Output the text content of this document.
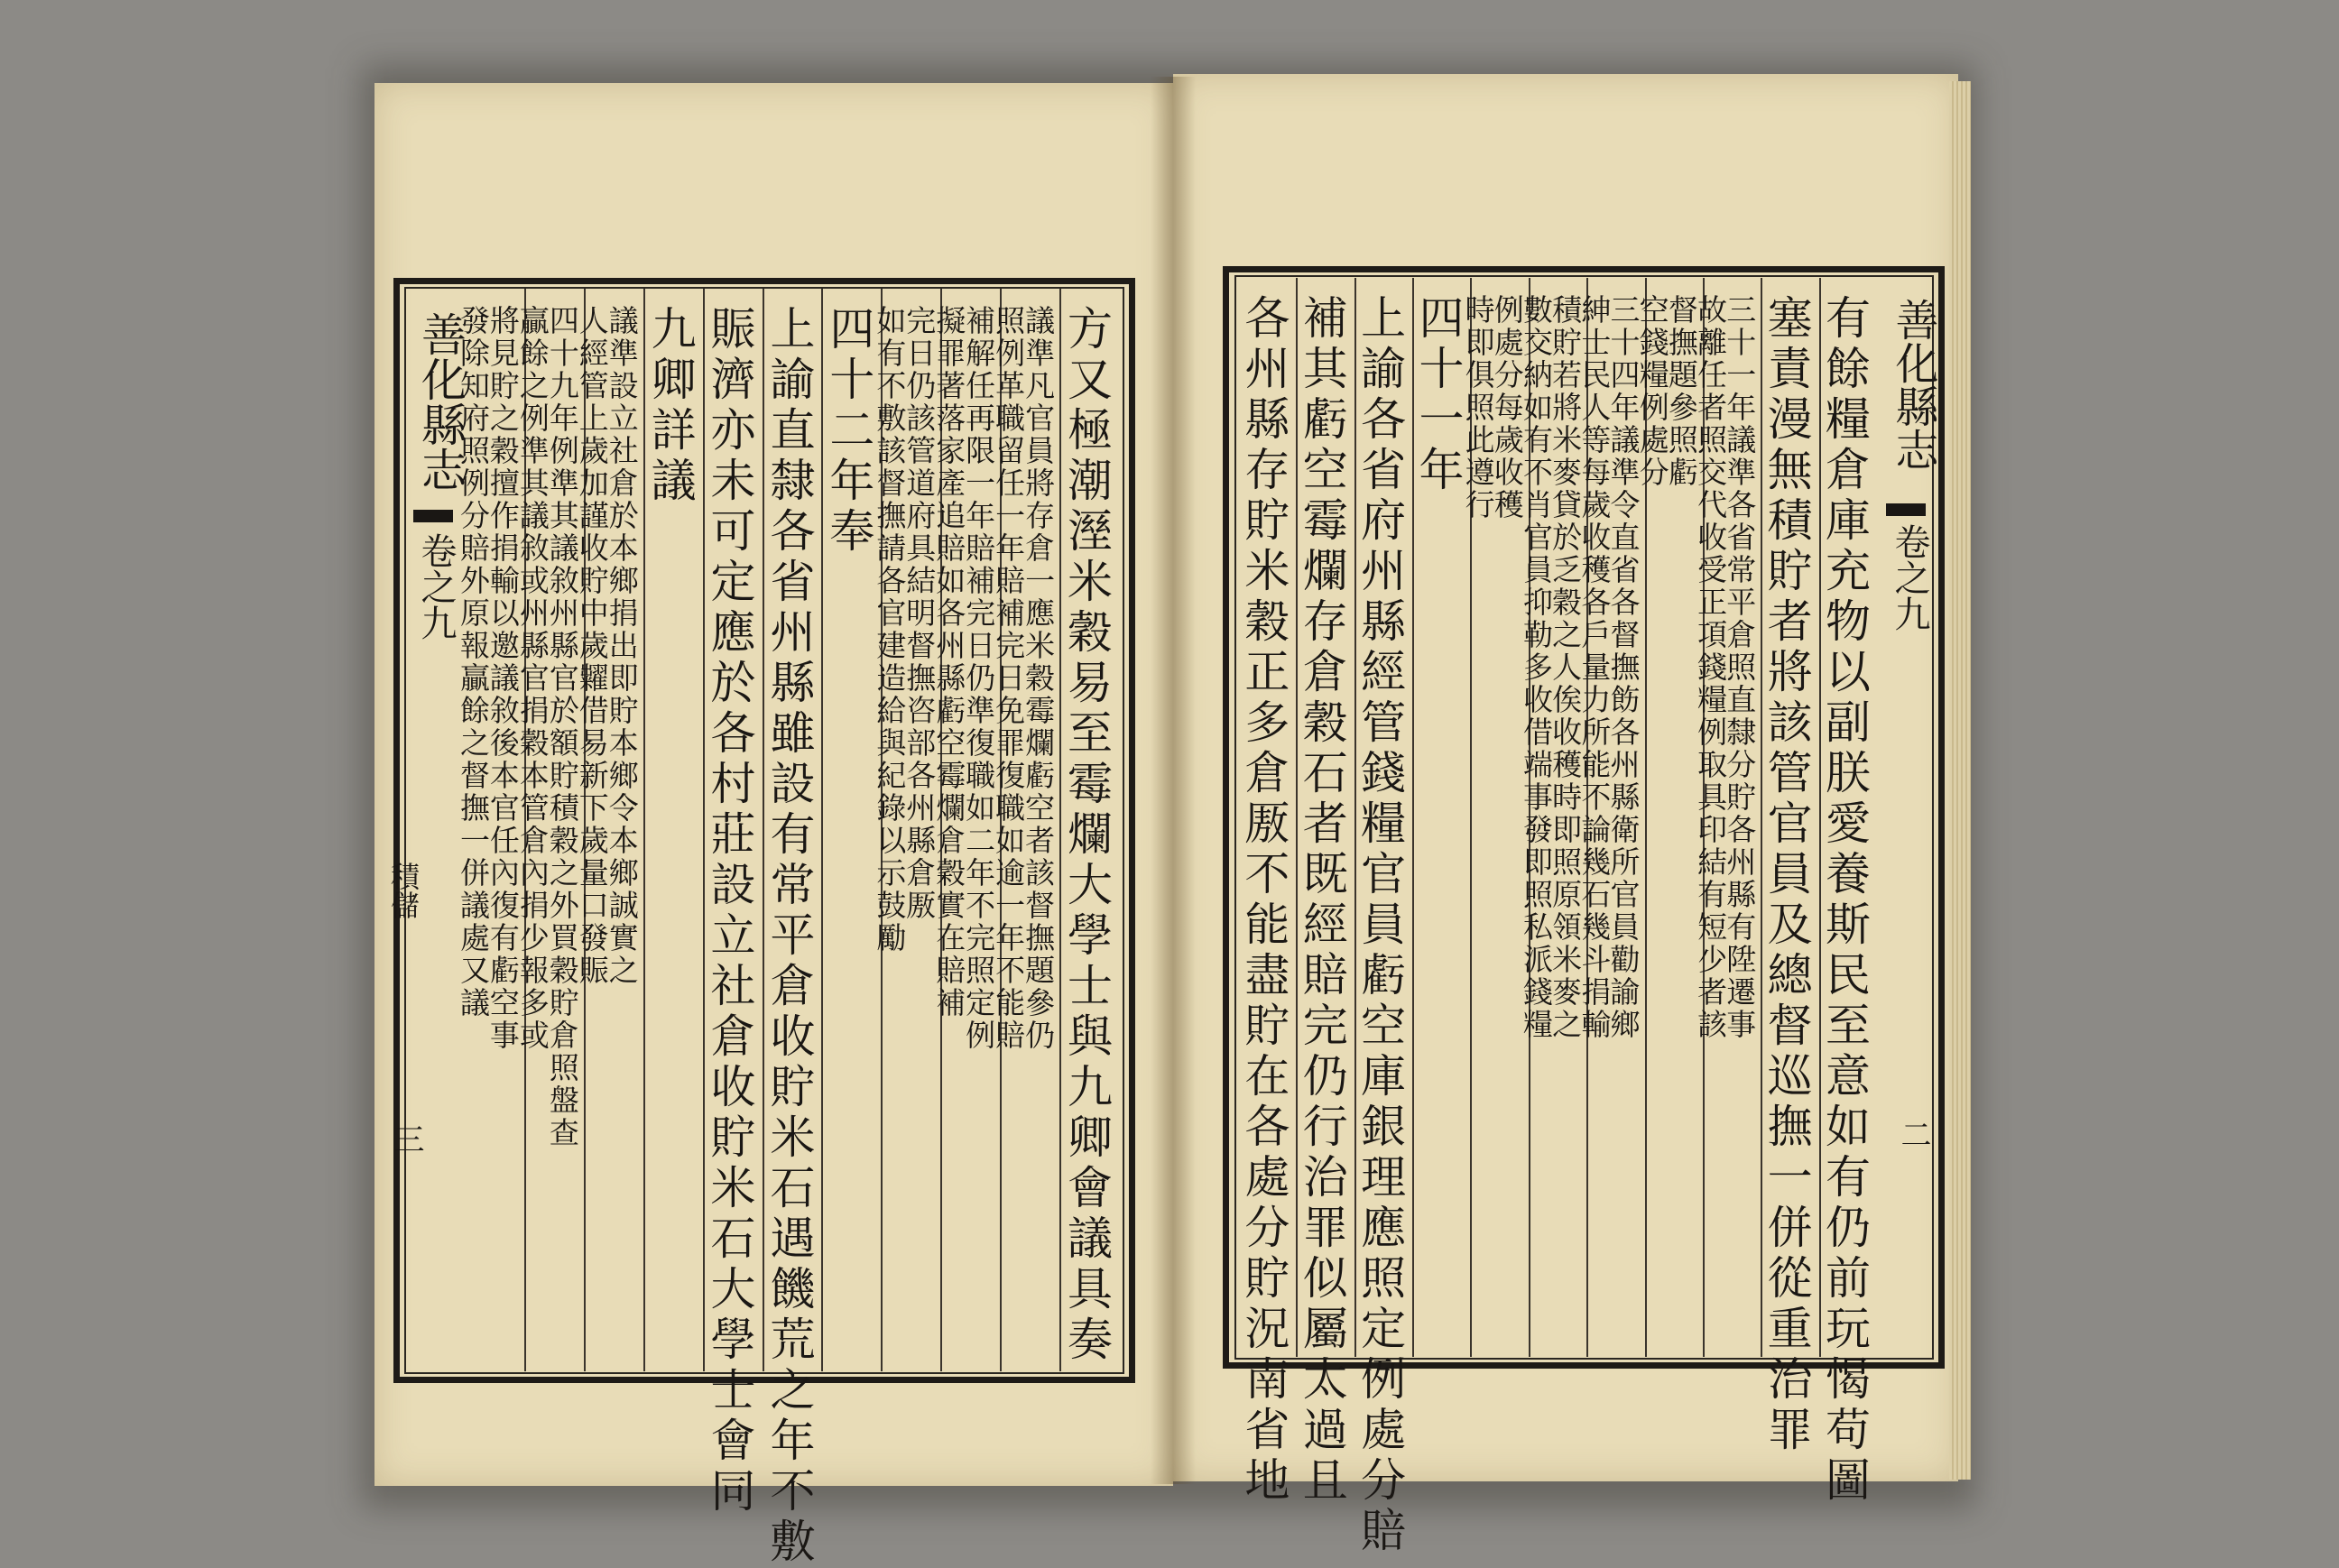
善化縣志
卷之九
積儲
三
善化縣志
卷之九
二
方又極潮溼米穀易至霉爛大學士與九卿會議具奏
議準凡官員將存倉一應米穀霉爛虧空者該督撫題參仍
照例革職留任一年賠補完日免罪復職如逾一年不能賠
補解任再限一年賠補完日仍準復職如二年不完照定例
擬罪著落家產追賠如各州縣虧空霉爛倉穀實在賠補
完日仍該管道府具結明督撫咨部各州縣倉厫
如有不敷該督撫請各官建造給與紀錄以示鼓勵
四十二年奉
上諭直隸各省州縣雖設有常平倉收貯米石遇饑荒之年不敷
賑濟亦未可定應於各村莊設立社倉收貯米石大學士會同
九卿詳議
議準設立社倉於本鄉捐出即貯本鄉令本鄉誠實之
人經管上歲加謹收貯中歲糶借易新下歲量口發賑
四十九年例準其議敘州縣官於額貯積穀之外買穀貯倉照盤查
贏餘之例準其議敘或州縣官捐穀本管倉內捐少報多或
將見貯之穀擅作捐輸以邀議敘後本官任內復有虧空事
發除知府照例分賠外原報贏餘之督撫一併議處又議	有餘糧倉庫充物以副朕愛養斯民至意如有仍前玩愒苟圖
塞責漫無積貯者將該管官員及總督巡撫一併從重治罪
三十一年議準各省常平倉照直隸分貯各州縣有陞遷事
故離任者照交代收受正項錢糧例取具印結有短少者該
督撫題參照虧
空錢糧例處分
三十四年議準令直省各督撫飭各州縣衛所官員勸諭鄉
紳士民人等每歲收穫各戶量力所能不論幾石幾斗捐輸
積貯若將米麥貸於乏穀之人俟收穫時即照原領米麥之
數交納如有不肖官員抑勒多收借端事發即照私派錢糧
例處分每歲收穫
時即俱照此遵行
四十一年
上諭各省府州縣經管錢糧官員虧空庫銀理應照定例處分賠
補其虧空霉爛存倉穀石者既經賠完仍行治罪似屬太過且
各州縣存貯米穀正多倉厫不能盡貯在各處分貯況南省地
